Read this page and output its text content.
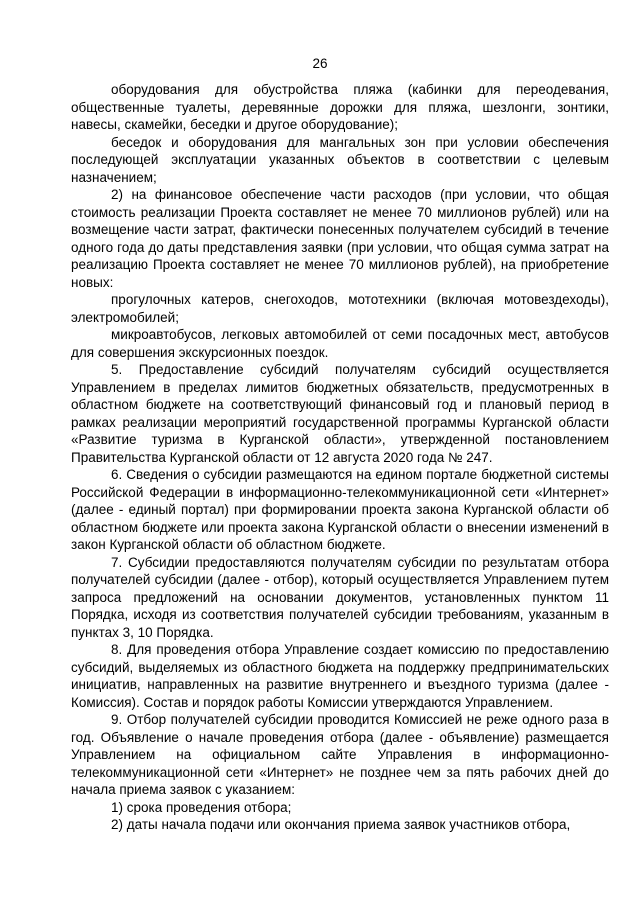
26

оборудования для обустройства пляжа (кабинки для переодевания, общественные туалеты, деревянные дорожки для пляжа, шезлонги, зонтики, навесы, скамейки, беседки и другое оборудование);

беседок и оборудования для мангальных зон при условии обеспечения последующей эксплуатации указанных объектов в соответствии с целевым назначением;

2) на финансовое обеспечение части расходов (при условии, что общая стоимость реализации Проекта составляет не менее 70 миллионов рублей) или на возмещение части затрат, фактически понесенных получателем субсидий в течение одного года до даты представления заявки (при условии, что общая сумма затрат на реализацию Проекта составляет не менее 70 миллионов рублей), на приобретение новых:

прогулочных катеров, снегоходов, мототехники (включая мотовездеходы), электромобилей;

микроавтобусов, легковых автомобилей от семи посадочных мест, автобусов для совершения экскурсионных поездок.

5. Предоставление субсидий получателям субсидий осуществляется Управлением в пределах лимитов бюджетных обязательств, предусмотренных в областном бюджете на соответствующий финансовый год и плановый период в рамках реализации мероприятий государственной программы Курганской области «Развитие туризма в Курганской области», утвержденной постановлением Правительства Курганской области от 12 августа 2020 года № 247.

6. Сведения о субсидии размещаются на едином портале бюджетной системы Российской Федерации в информационно-телекоммуникационной сети «Интернет» (далее - единый портал) при формировании проекта закона Курганской области об областном бюджете или проекта закона Курганской области о внесении изменений в закон Курганской области об областном бюджете.

7. Субсидии предоставляются получателям субсидии по результатам отбора получателей субсидии (далее - отбор), который осуществляется Управлением путем запроса предложений на основании документов, установленных пунктом 11 Порядка, исходя из соответствия получателей субсидии требованиям, указанным в пунктах 3, 10 Порядка.

8. Для проведения отбора Управление создает комиссию по предоставлению субсидий, выделяемых из областного бюджета на поддержку предпринимательских инициатив, направленных на развитие внутреннего и въездного туризма (далее - Комиссия). Состав и порядок работы Комиссии утверждаются Управлением.

9. Отбор получателей субсидии проводится Комиссией не реже одного раза в год. Объявление о начале проведения отбора (далее - объявление) размещается Управлением на официальном сайте Управления в информационно-телекоммуникационной сети «Интернет» не позднее чем за пять рабочих дней до начала приема заявок с указанием:

1) срока проведения отбора;

2) даты начала подачи или окончания приема заявок участников отбора,
